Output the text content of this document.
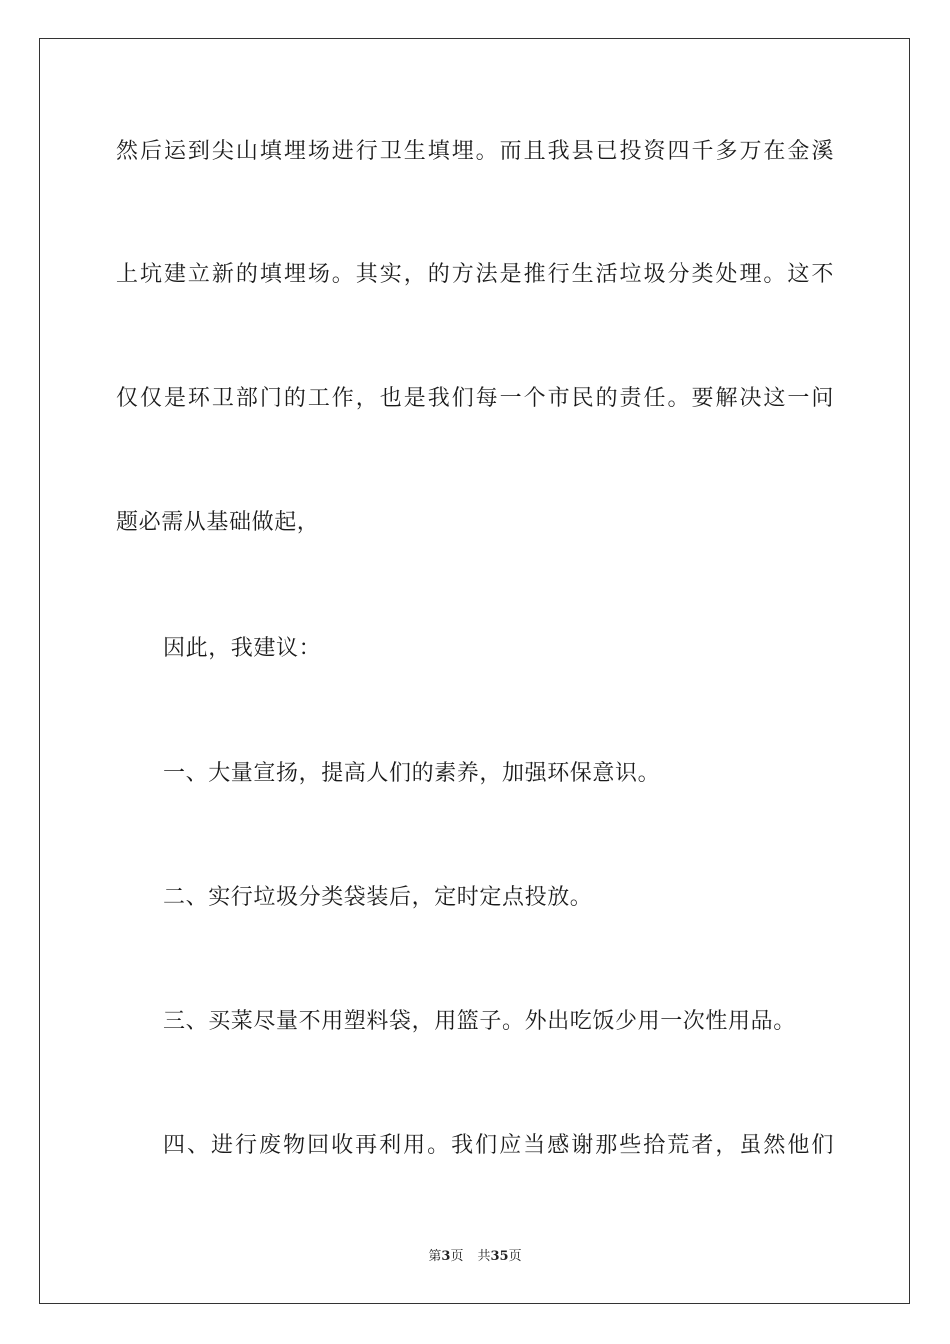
然后运到尖山填埋场进行卫生填埋。而且我县已投资四千多万在金溪
上坑建立新的填埋场。其实，的方法是推行生活垃圾分类处理。这不
仅仅是环卫部门的工作，也是我们每一个市民的责任。要解决这一问
题必需从基础做起，
因此，我建议：
一、大量宣扬，提高人们的素养，加强环保意识。
二、实行垃圾分类袋装后，定时定点投放。
三、买菜尽量不用塑料袋，用篮子。外出吃饭少用一次性用品。
四、进行废物回收再利用。我们应当感谢那些拾荒者，虽然他们
第3页 共35页
